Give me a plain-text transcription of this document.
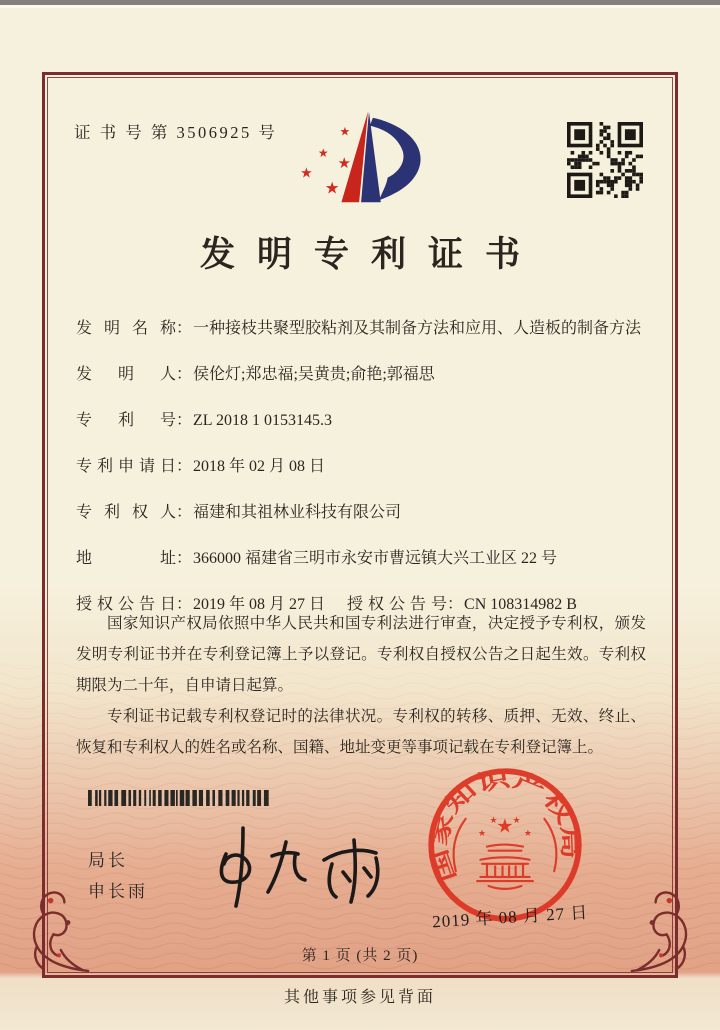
证 书 号 第 3506925 号	★
★
★
★
★
发明专利证书
发明名称：一种接枝共聚型胶粘剂及其制备方法和应用、人造板的制备方法
发明人：侯伦灯;郑忠福;吴黄贵;俞艳;郭福思
专利号：ZL 2018 1 0153145.3
专利申请日：2018 年 02 月 08 日
专利权人：福建和其祖林业科技有限公司
地址：366000 福建省三明市永安市曹远镇大兴工业区 22 号
授权公告日：2019 年 08 月 27 日 授权公告号：CN 108314982 B

国家知识产权局依照中华人民共和国专利法进行审查，决定授予专利权，颁发发明专利证书并在专利登记簿上予以登记。专利权自授权公告之日起生效。专利权期限为二十年，自申请日起算。

专利证书记载专利权登记时的法律状况。专利权的转移、质押、无效、终止、恢复和专利权人的姓名或名称、国籍、地址变更等事项记载在专利登记簿上。

局长
申长雨
国家知识产权局
★
★
★ ★
★
2019 年 08 月 27 日
第 1 页 (共 2 页)
其他事项参见背面
